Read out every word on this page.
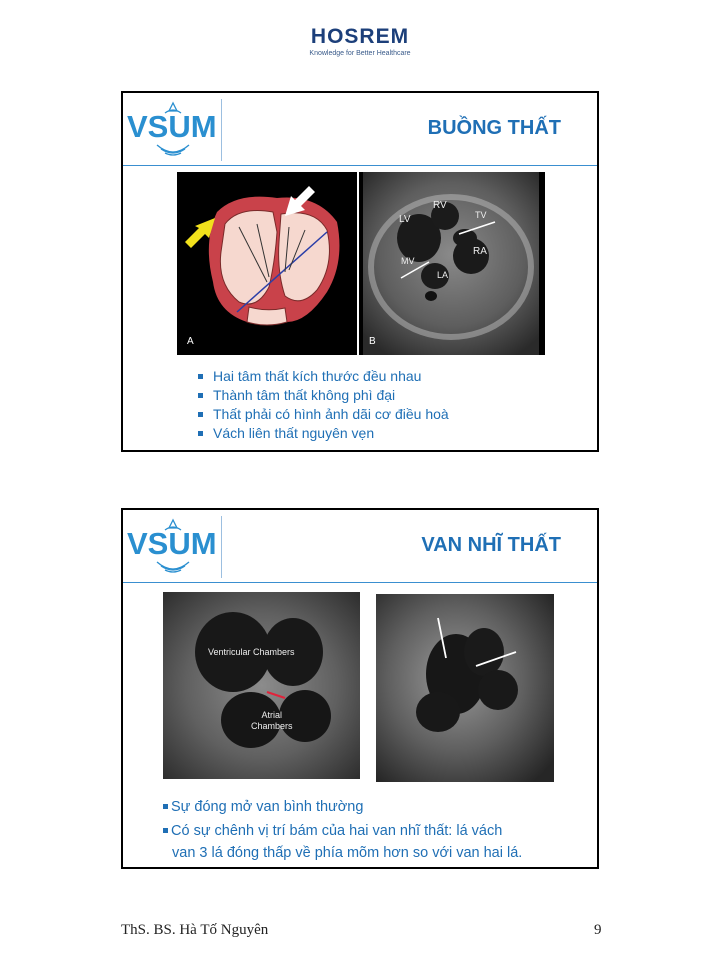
HOSREM
Knowledge for Better Healthcare
VSUM	BUỒNG THẤT
A
RV
LV	TV
RA
MV
LA
B
Hai tâm thất kích thước đều nhau
Thành tâm thất không phì đại
Thất phải có hình ảnh dãi cơ điều hoà
Vách liên thất nguyên vẹn
VSUM	VAN NHĨ THẤT
Ventricular Chambers
Atrial
Chambers
Sự đóng mở van bình thường
Có sự chênh vị trí bám của hai van nhĩ thất: lá vách
van 3 lá đóng thấp về phía mõm hơn so với van hai lá.
ThS. BS. Hà Tố Nguyên	9
